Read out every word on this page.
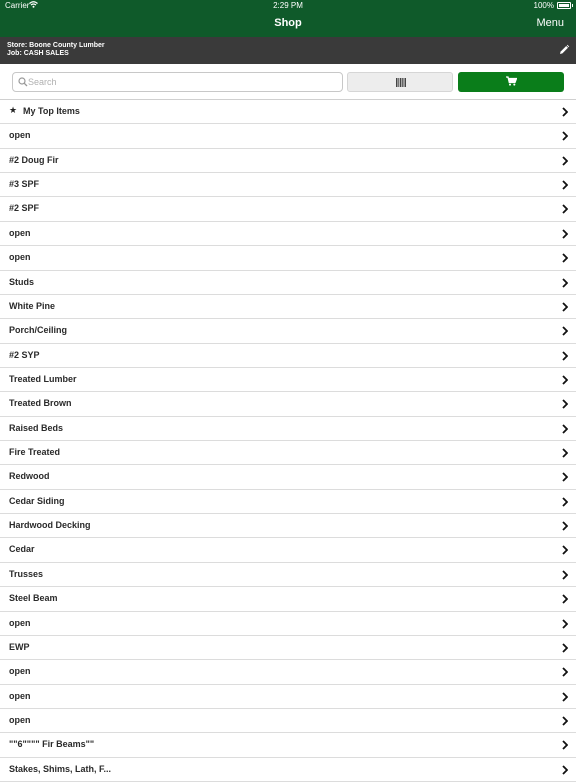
Carrier	2:29 PM	100%
Shop	Menu
Store: Boone County Lumber
Job: CASH SALES
Search
★ My Top Items
open
#2 Doug Fir
#3 SPF
#2 SPF
open
open
Studs
White Pine
Porch/Ceiling
#2 SYP
Treated Lumber
Treated Brown
Raised Beds
Fire Treated
Redwood
Cedar Siding
Hardwood Decking
Cedar
Trusses
Steel Beam
open
EWP
open
open
open
""6"""" Fir Beams""
Stakes, Shims, Lath, F...
